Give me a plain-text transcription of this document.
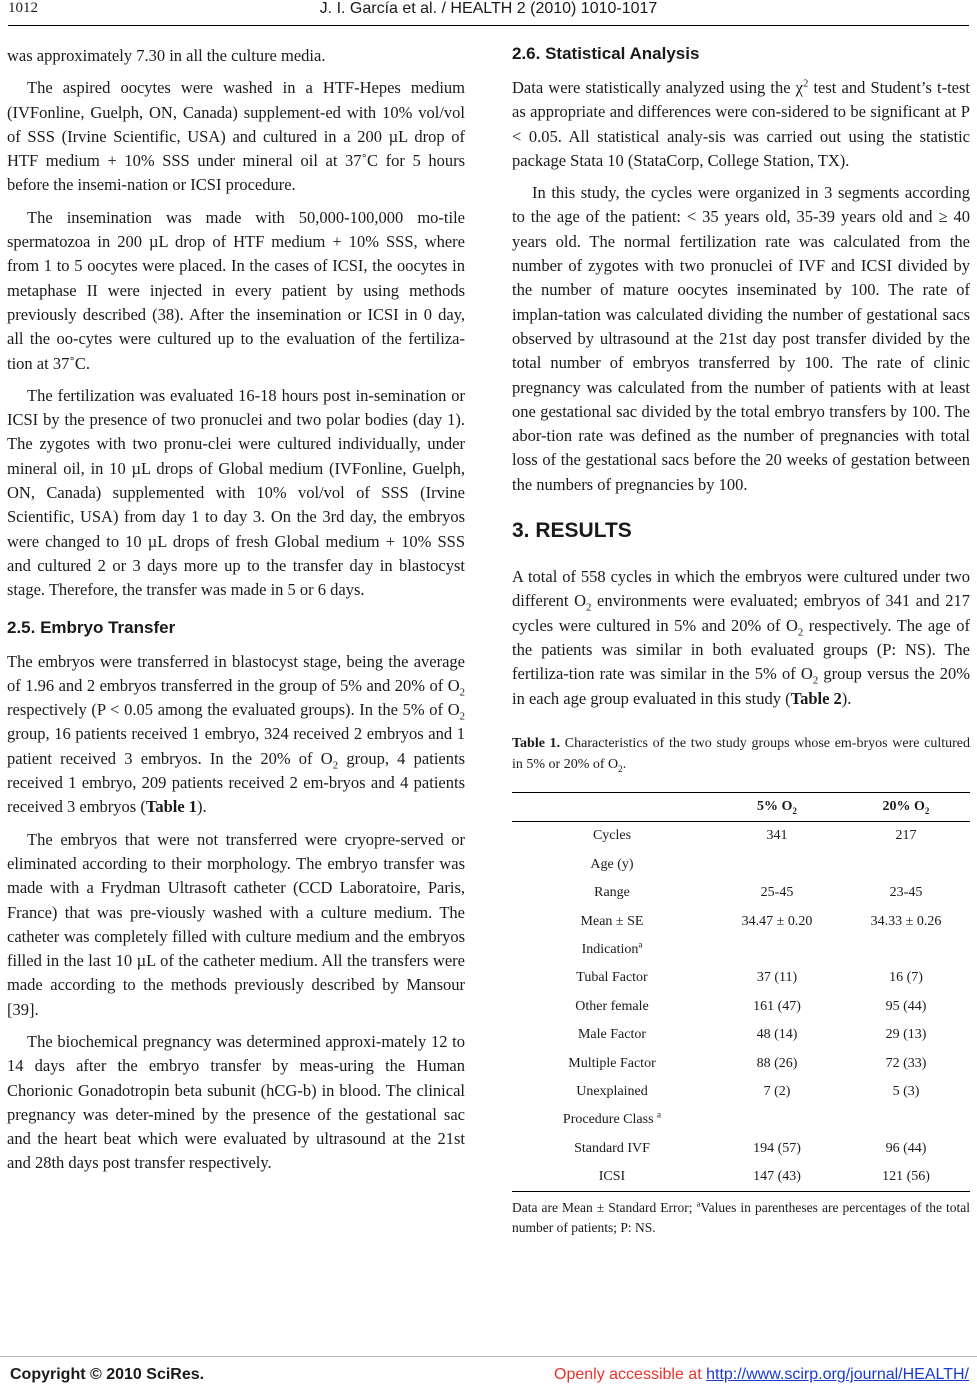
1012	J. I. García et al. / HEALTH 2 (2010) 1010-1017

was approximately 7.30 in all the culture media.

The aspired oocytes were washed in a HTF-Hepes medium (IVFonline, Guelph, ON, Canada) supplement-ed with 10% vol/vol of SSS (Irvine Scientific, USA) and cultured in a 200 µL drop of HTF medium + 10% SSS under mineral oil at 37˚C for 5 hours before the insemi-nation or ICSI procedure.

The insemination was made with 50,000-100,000 mo-tile spermatozoa in 200 µL drop of HTF medium + 10% SSS, where from 1 to 5 oocytes were placed. In the cases of ICSI, the oocytes in metaphase II were injected in every patient by using methods previously described (38). After the insemination or ICSI in 0 day, all the oo-cytes were cultured up to the evaluation of the fertiliza-tion at 37˚C.

The fertilization was evaluated 16-18 hours post in-semination or ICSI by the presence of two pronuclei and two polar bodies (day 1). The zygotes with two pronu-clei were cultured individually, under mineral oil, in 10 µL drops of Global medium (IVFonline, Guelph, ON, Canada) supplemented with 10% vol/vol of SSS (Irvine Scientific, USA) from day 1 to day 3. On the 3rd day, the embryos were changed to 10 µL drops of fresh Global medium + 10% SSS and cultured 2 or 3 days more up to the transfer day in blastocyst stage. Therefore, the transfer was made in 5 or 6 days.

2.5. Embryo Transfer

The embryos were transferred in blastocyst stage, being the average of 1.96 and 2 embryos transferred in the group of 5% and 20% of $O_2$ respectively (P < 0.05 among the evaluated groups). In the 5% of $O_2$ group, 16 patients received 1 embryo, 324 received 2 embryos and 1 patient received 3 embryos. In the 20% of $O_2$ group, 4 patients received 1 embryo, 209 patients received 2 em-bryos and 4 patients received 3 embryos (Table 1).

The embryos that were not transferred were cryopre-served or eliminated according to their morphology. The embryo transfer was made with a Frydman Ultrasoft catheter (CCD Laboratoire, Paris, France) that was pre-viously washed with a culture medium. The catheter was completely filled with culture medium and the embryos filled in the last 10 µL of the catheter medium. All the transfers were made according to the methods previously described by Mansour [39].

The biochemical pregnancy was determined approxi-mately 12 to 14 days after the embryo transfer by meas-uring the Human Chorionic Gonadotropin beta subunit (hCG-b) in blood. The clinical pregnancy was deter-mined by the presence of the gestational sac and the heart beat which were evaluated by ultrasound at the 21st and 28th days post transfer respectively.

2.6. Statistical Analysis

Data were statistically analyzed using the $\chi^2$ test and Student’s t-test as appropriate and differences were con-sidered to be significant at P < 0.05. All statistical analy-sis was carried out using the statistic package Stata 10 (StataCorp, College Station, TX).

In this study, the cycles were organized in 3 segments according to the age of the patient: < 35 years old, 35-39 years old and ≥ 40 years old. The normal fertilization rate was calculated from the number of zygotes with two pronuclei of IVF and ICSI divided by the number of mature oocytes inseminated by 100. The rate of implan-tation was calculated dividing the number of gestational sacs observed by ultrasound at the 21st day post transfer divided by the total number of embryos transferred by 100. The rate of clinic pregnancy was calculated from the number of patients with at least one gestational sac divided by the total embryo transfers by 100. The abor-tion rate was defined as the number of pregnancies with total loss of the gestational sacs before the 20 weeks of gestation between the numbers of pregnancies by 100.

3. RESULTS

A total of 558 cycles in which the embryos were cultured under two different $O_2$ environments were evaluated; embryos of 341 and 217 cycles were cultured in 5% and 20% of $O_2$ respectively. The age of the patients was similar in both evaluated groups (P: NS). The fertiliza-tion rate was similar in the 5% of $O_2$ group versus the 20% in each age group evaluated in this study (Table 2).

Table 1. Characteristics of the two study groups whose em-bryos were cultured in 5% or 20% of $O_2$.

	5% $O_2$	20% $O_2$
Cycles	341	217
Age (y)		
Range	25-45	23-45
Mean ± SE	34.47 ± 0.20	34.33 ± 0.26
Indication$^a$		
Tubal Factor	37 (11)	16 (7)
Other female	161 (47)	95 (44)
Male Factor	48 (14)	29 (13)
Multiple Factor	88 (26)	72 (33)
Unexplained	7 (2)	5 (3)
Procedure Class $^a$		
Standard IVF	194 (57)	96 (44)
ICSI	147 (43)	121 (56)

Data are Mean ± Standard Error; $^a$Values in parentheses are percentages of the total number of patients; P: NS.

Copyright © 2010 SciRes.	Openly accessible at http://www.scirp.org/journal/HEALTH/
